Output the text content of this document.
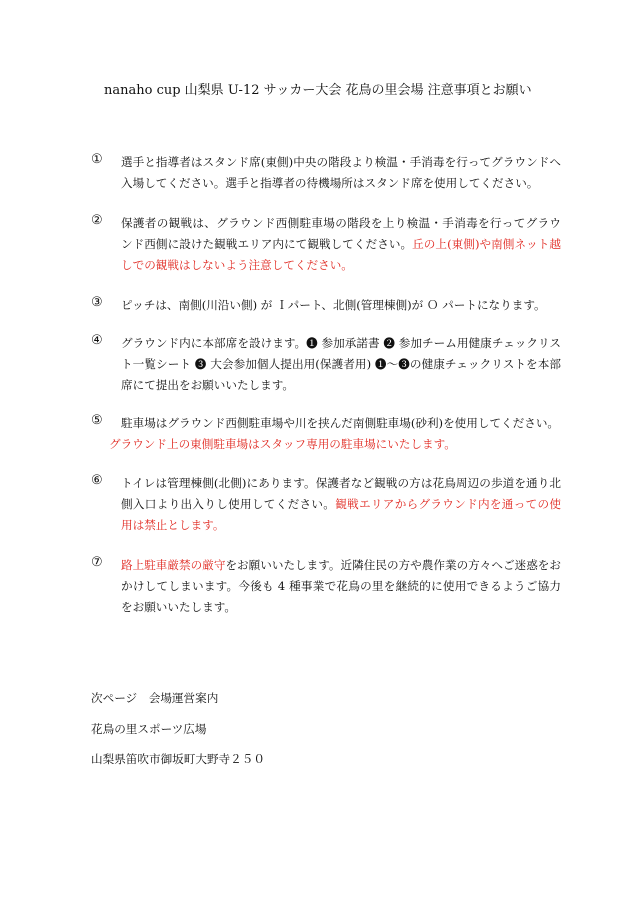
nanaho cup 山梨県 U-12 サッカー大会 花鳥の里会場 注意事項とお願い
① 選手と指導者はスタンド席(東側)中央の階段より検温・手消毒を行ってグラウンドへ入場してください。選手と指導者の待機場所はスタンド席を使用してください。
② 保護者の観戦は、グラウンド西側駐車場の階段を上り検温・手消毒を行ってグラウンド西側に設けた観戦エリア内にて観戦してください。丘の上(東側)や南側ネット越しでの観戦はしないよう注意してください。
③ ピッチは、南側(川沿い側) が Ｉパート、北側(管理棟側)が Ｏ パートになります。
④ グラウンド内に本部席を設けます。❶ 参加承諾書 ❷ 参加チーム用健康チェックリスト一覧シート ❸ 大会参加個人提出用(保護者用) ❶〜❸の健康チェックリストを本部席にて提出をお願いいたします。
⑤ 駐車場はグラウンド西側駐車場や川を挟んだ南側駐車場(砂利)を使用してください。
グラウンド上の東側駐車場はスタッフ専用の駐車場にいたします。
⑥ トイレは管理棟側(北側)にあります。保護者など観戦の方は花鳥周辺の歩道を通り北側入口より出入りし使用してください。観戦エリアからグラウンド内を通っての使用は禁止とします。
⑦ 路上駐車厳禁の厳守をお願いいたします。近隣住民の方や農作業の方々へご迷惑をおかけしてしまいます。今後も 4 種事業で花鳥の里を継続的に使用できるようご協力をお願いいたします。
次ページ　会場運営案内
花鳥の里スポーツ広場
山梨県笛吹市御坂町大野寺２５０
